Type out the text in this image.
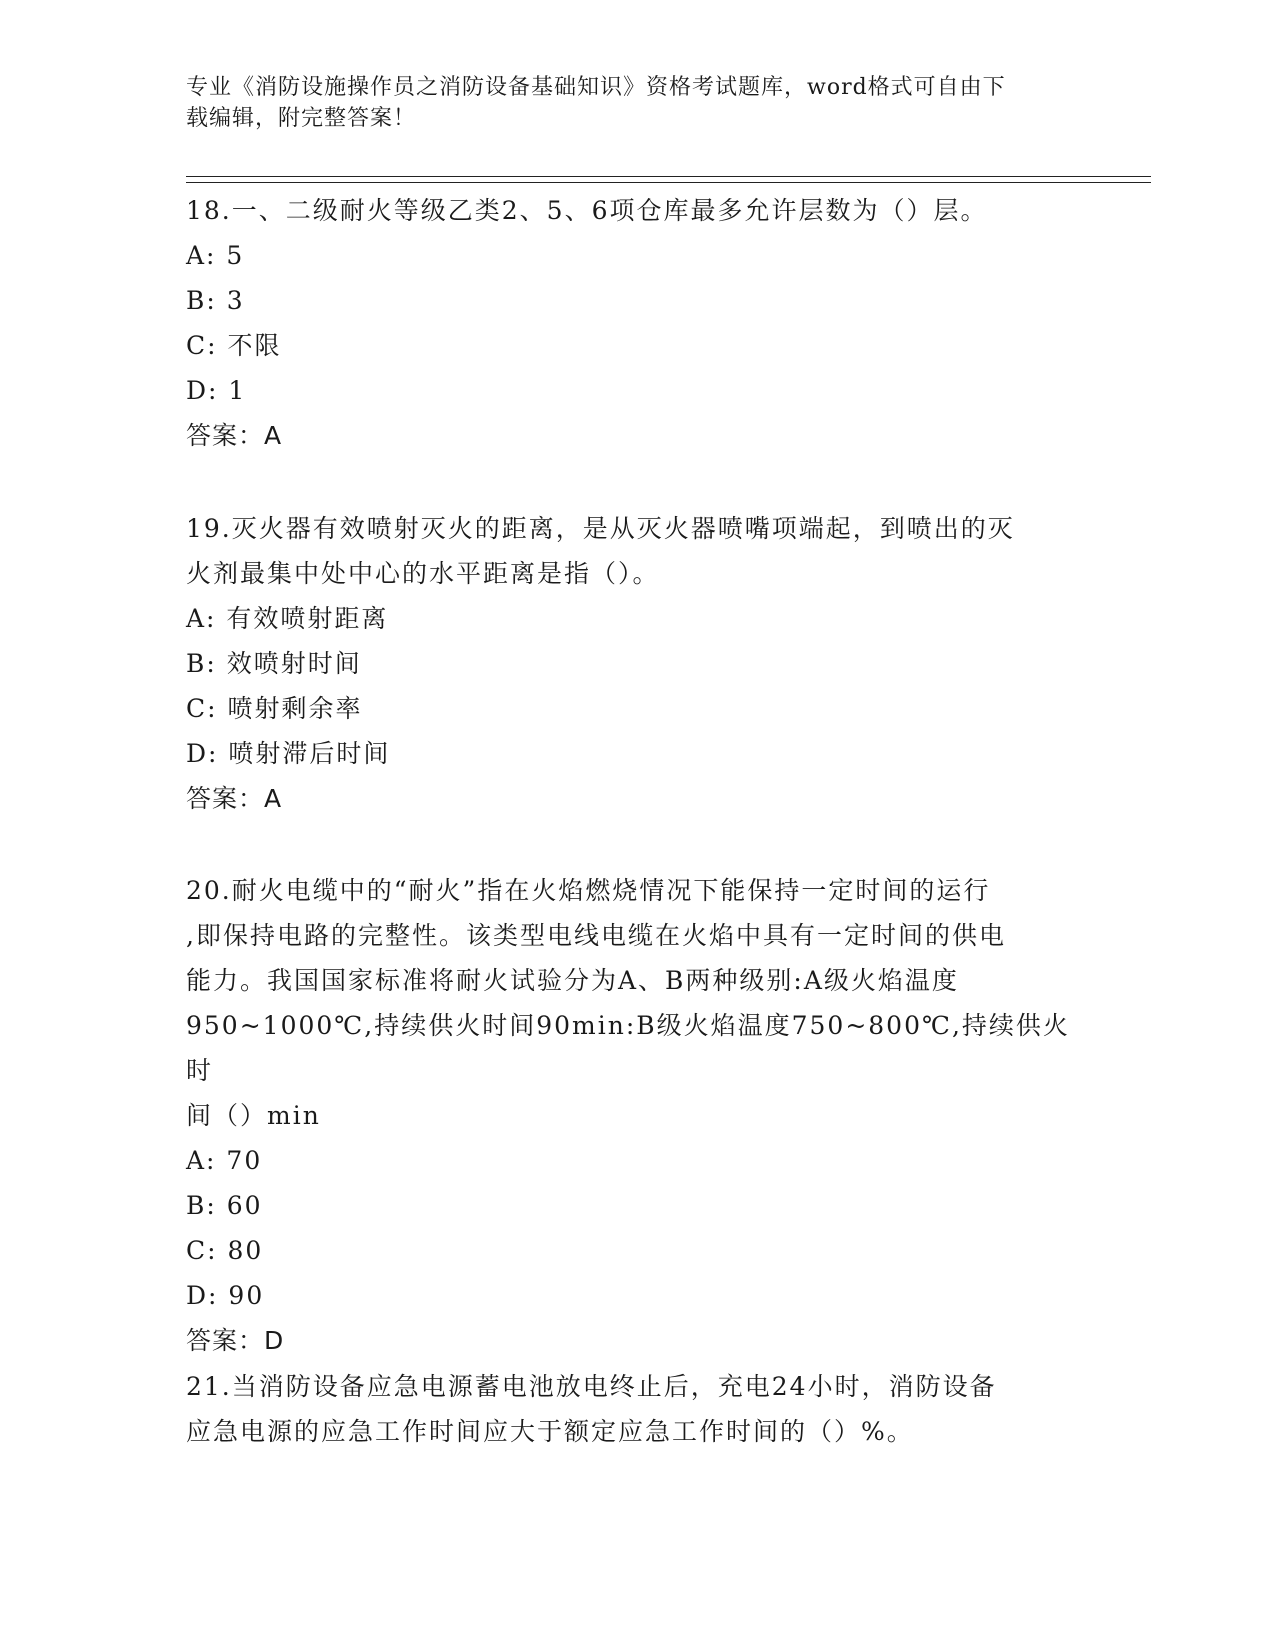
专业《消防设施操作员之消防设备基础知识》资格考试题库，word格式可自由下
载编辑，附完整答案！

18.一、二级耐火等级乙类2、5、6项仓库最多允许层数为（）层。

A: 5

B: 3

C: 不限

D: 1

答案：A

19.灭火器有效喷射灭火的距离，是从灭火器喷嘴项端起，到喷出的灭

火剂最集中处中心的水平距离是指（）。

A: 有效喷射距离

B: 效喷射时间

C: 喷射剩余率

D: 喷射滞后时间

答案：A

20.耐火电缆中的“耐火”指在火焰燃烧情况下能保持一定时间的运行

,即保持电路的完整性。该类型电线电缆在火焰中具有一定时间的供电

能力。我国国家标准将耐火试验分为A、B两种级别:A级火焰温度

950~1000℃,持续供火时间90min:B级火焰温度750~800℃,持续供火时

间（）min

A: 70

B: 60

C: 80

D: 90

答案：D

21.当消防设备应急电源蓄电池放电终止后，充电24小时，消防设备

应急电源的应急工作时间应大于额定应急工作时间的（）%。
